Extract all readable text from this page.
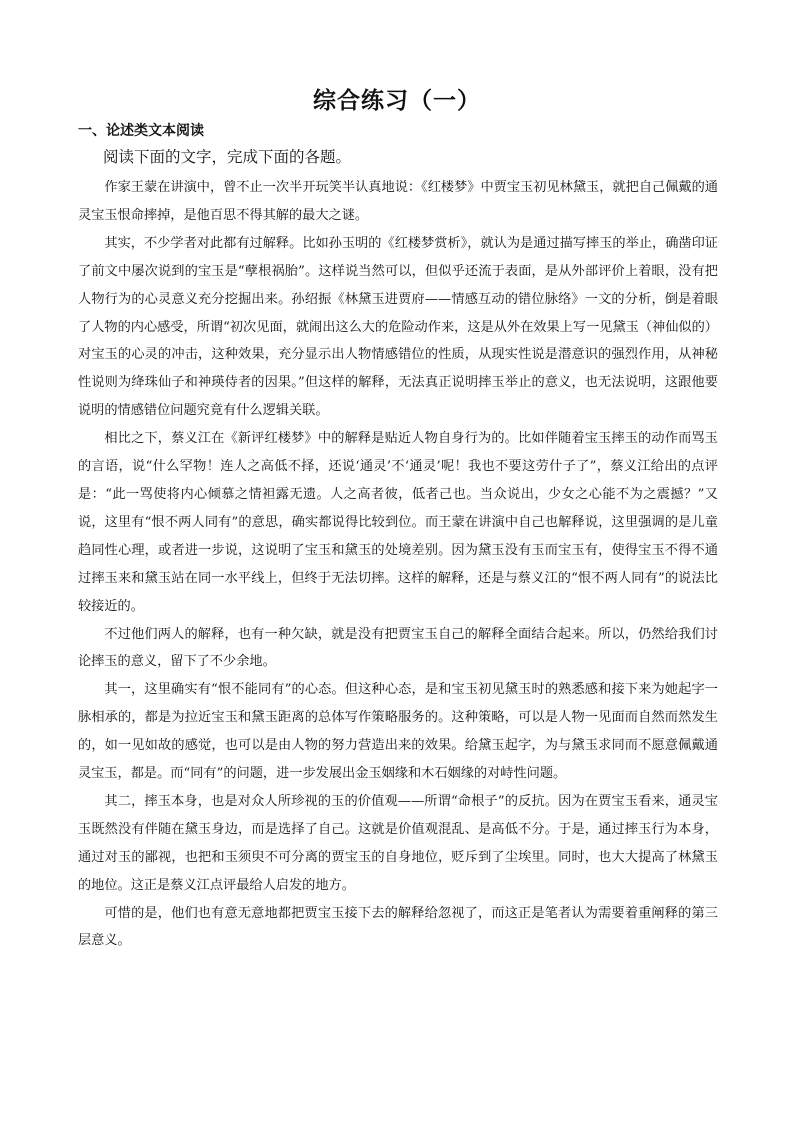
综合练习（一）
一、论述类文本阅读

阅读下面的文字，完成下面的各题。

作家王蒙在讲演中，曾不止一次半开玩笑半认真地说：《红楼梦》中贾宝玉初见林黛玉，就把自己佩戴的通灵宝玉恨命摔掉，是他百思不得其解的最大之谜。

其实，不少学者对此都有过解释。比如孙玉明的《红楼梦赏析》，就认为是通过描写摔玉的举止，确凿印证了前文中屡次说到的宝玉是“孽根祸胎”。这样说当然可以，但似乎还流于表面，是从外部评价上着眼，没有把人物行为的心灵意义充分挖掘出来。孙绍振《林黛玉进贾府——情感互动的错位脉络》一文的分析，倒是着眼了人物的内心感受，所谓“初次见面，就闹出这么大的危险动作来，这是从外在效果上写一见黛玉（神仙似的）对宝玉的心灵的冲击，这种效果，充分显示出人物情感错位的性质，从现实性说是潜意识的强烈作用，从神秘性说则为绛珠仙子和神瑛侍者的因果。”但这样的解释，无法真正说明摔玉举止的意义，也无法说明，这跟他要说明的情感错位问题究竟有什么逻辑关联。

相比之下，蔡义江在《新评红楼梦》中的解释是贴近人物自身行为的。比如伴随着宝玉摔玉的动作而骂玉的言语，说“什么罕物！连人之高低不择，还说‘通灵’不‘通灵’呢！我也不要这劳什子了”，蔡义江给出的点评是：“此一骂使将内心倾慕之情袒露无遗。人之高者彼，低者己也。当众说出，少女之心能不为之震撼？”又说，这里有“恨不两人同有”的意思，确实都说得比较到位。而王蒙在讲演中自己也解释说，这里强调的是儿童趋同性心理，或者进一步说，这说明了宝玉和黛玉的处境差别。因为黛玉没有玉而宝玉有，使得宝玉不得不通过摔玉来和黛玉站在同一水平线上，但终于无法切摔。这样的解释，还是与蔡义江的“恨不两人同有”的说法比较接近的。

不过他们两人的解释，也有一种欠缺，就是没有把贾宝玉自己的解释全面结合起来。所以，仍然给我们讨论摔玉的意义，留下了不少余地。

其一，这里确实有“恨不能同有”的心态。但这种心态，是和宝玉初见黛玉时的熟悉感和接下来为她起字一脉相承的，都是为拉近宝玉和黛玉距离的总体写作策略服务的。这种策略，可以是人物一见面而自然而然发生的，如一见如故的感觉，也可以是由人物的努力营造出来的效果。给黛玉起字，为与黛玉求同而不愿意佩戴通灵宝玉，都是。而“同有”的问题，进一步发展出金玉姻缘和木石姻缘的对峙性问题。

其二，摔玉本身，也是对众人所珍视的玉的价值观——所谓“命根子”的反抗。因为在贾宝玉看来，通灵宝玉既然没有伴随在黛玉身边，而是选择了自己。这就是价值观混乱、是高低不分。于是，通过摔玉行为本身，通过对玉的鄙视，也把和玉须臾不可分离的贾宝玉的自身地位，贬斥到了尘埃里。同时，也大大提高了林黛玉的地位。这正是蔡义江点评最给人启发的地方。

可惜的是，他们也有意无意地都把贾宝玉接下去的解释给忽视了，而这正是笔者认为需要着重阐释的第三层意义。
